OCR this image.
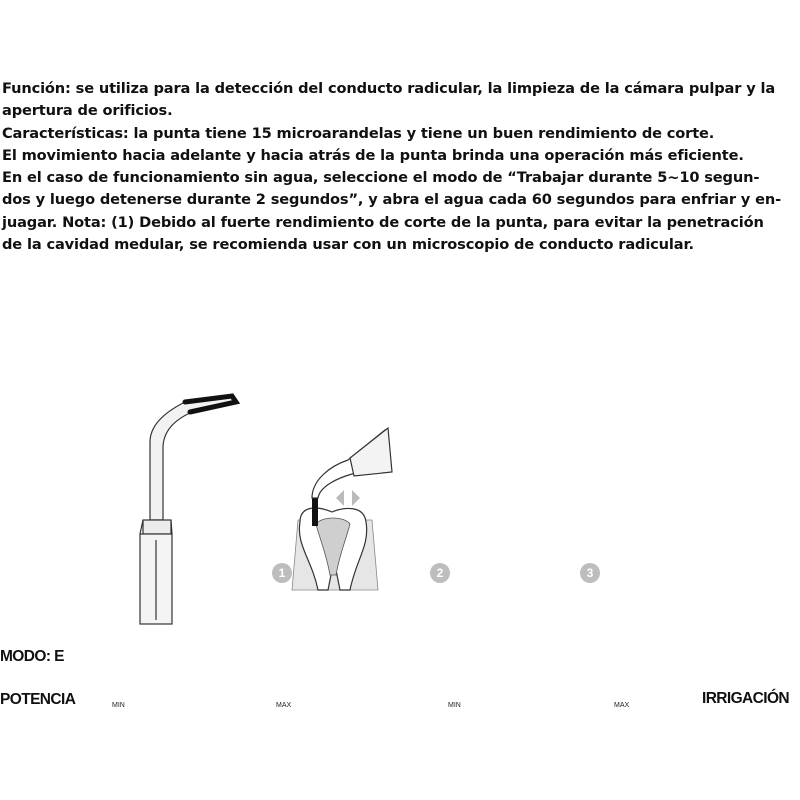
Función: se utiliza para la detección del conducto radicular, la limpieza de la cámara pulpar y la

apertura de orificios.

Características: la punta tiene 15 microarandelas y tiene un buen rendimiento de corte.

El movimiento hacia adelante y hacia atrás de la punta brinda una operación más eficiente.

En el caso de funcionamiento sin agua, seleccione el modo de “Trabajar durante 5~10 segun-

dos y luego detenerse durante 2 segundos”, y abra el agua cada 60 segundos para enfriar y en-

juagar. Nota: (1) Debido al fuerte rendimiento de corte de la punta, para evitar la penetración

de la cavidad medular, se recomienda usar con un microscopio de conducto radicular.

1	2	3
MODO: E
POTENCIA	IRRIGACIÓN
MIN	MAX	MIN	MAX
